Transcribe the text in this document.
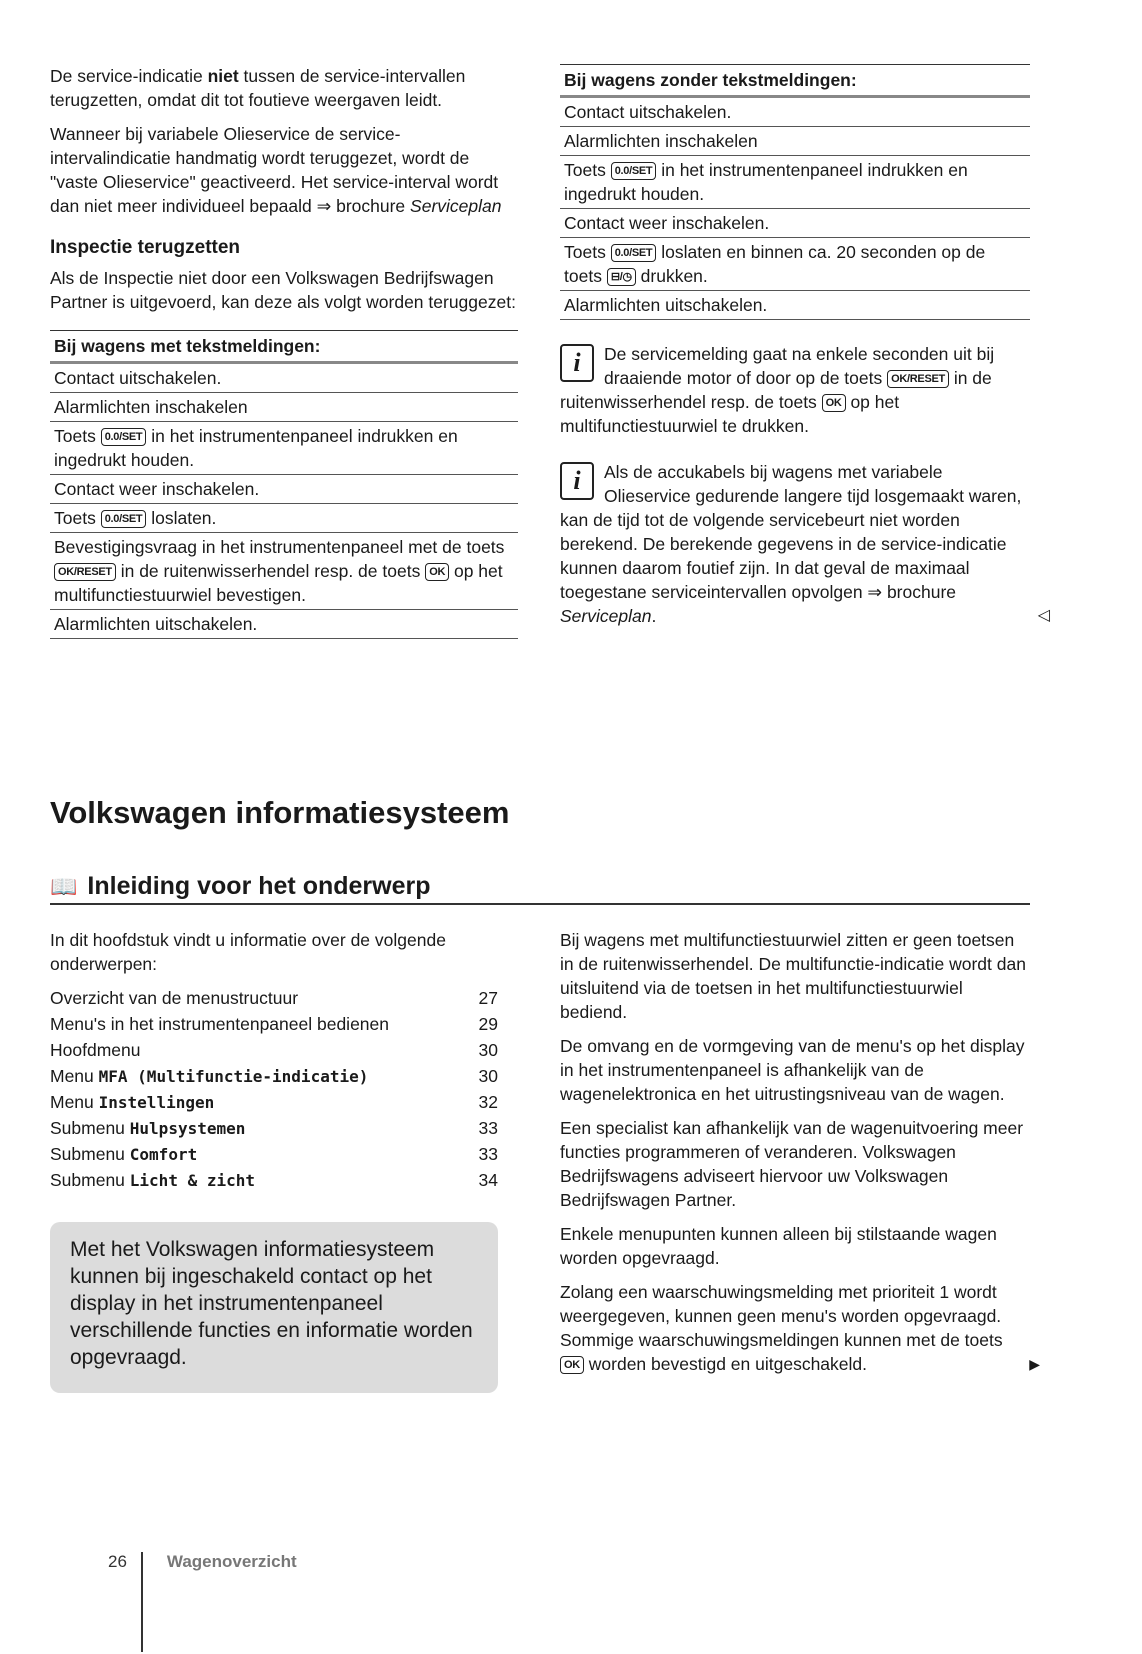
De service-indicatie niet tussen de service-intervallen terugzetten, omdat dit tot foutieve weergaven leidt.

Wanneer bij variabele Olieservice de service-intervalindicatie handmatig wordt teruggezet, wordt de "vaste Olieservice" geactiveerd. Het service-interval wordt dan niet meer individueel bepaald ⇒ brochure Serviceplan

Inspectie terugzetten

Als de Inspectie niet door een Volkswagen Bedrijfswagen Partner is uitgevoerd, kan deze als volgt worden teruggezet:

Bij wagens met tekstmeldingen:
Contact uitschakelen.
Alarmlichten inschakelen
Toets 0.0/SET in het instrumentenpaneel indrukken en ingedrukt houden.
Contact weer inschakelen.
Toets 0.0/SET loslaten.
Bevestigingsvraag in het instrumentenpaneel met de toets OK/RESET in de ruitenwisserhendel resp. de toets OK op het multifunctiestuurwiel bevestigen.
Alarmlichten uitschakelen.
Bij wagens zonder tekstmeldingen:
Contact uitschakelen.
Alarmlichten inschakelen
Toets 0.0/SET in het instrumentenpaneel indrukken en ingedrukt houden.
Contact weer inschakelen.
Toets 0.0/SET loslaten en binnen ca. 20 seconden op de toets ⊟/◷ drukken.
Alarmlichten uitschakelen.
i	De servicemelding gaat na enkele seconden uit bij draaiende motor of door op de toets OK/RESET in de ruitenwisserhendel resp. de toets OK op het multifunctiestuurwiel te drukken.
i	Als de accukabels bij wagens met variabele Olieservice gedurende langere tijd losgemaakt waren, kan de tijd tot de volgende servicebeurt niet worden berekend. De berekende gegevens in de service-indicatie kunnen daarom foutief zijn. In dat geval de maximaal toegestane serviceintervallen opvolgen ⇒ brochure Serviceplan.	◁
Volkswagen informatiesysteem
📖 Inleiding voor het onderwerp

In dit hoofdstuk vindt u informatie over de volgende onderwerpen:

Overzicht van de menustructuur	27
Menu's in het instrumentenpaneel bedienen	29
Hoofdmenu	30
Menu MFA (Multifunctie-indicatie)	30
Menu Instellingen	32
Submenu Hulpsystemen	33
Submenu Comfort	33
Submenu Licht & zicht	34
Met het Volkswagen informatiesysteem kunnen bij ingeschakeld contact op het display in het instrumentenpaneel verschillende functies en informatie worden opgevraagd.

Bij wagens met multifunctiestuurwiel zitten er geen toetsen in de ruitenwisserhendel. De multifunctie-indicatie wordt dan uitsluitend via de toetsen in het multifunctiestuurwiel bediend.

De omvang en de vormgeving van de menu's op het display in het instrumentenpaneel is afhankelijk van de wagenelektronica en het uitrustingsniveau van de wagen.

Een specialist kan afhankelijk van de wagenuitvoering meer functies programmeren of veranderen. Volkswagen Bedrijfswagens adviseert hiervoor uw Volkswagen Bedrijfswagen Partner.

Enkele menupunten kunnen alleen bij stilstaande wagen worden opgevraagd.

Zolang een waarschuwingsmelding met prioriteit 1 wordt weergegeven, kunnen geen menu's worden opgevraagd. Sommige waarschuwingsmeldingen kunnen met de toets OK worden bevestigd en uitgeschakeld.	▶

26 Wagenoverzicht
